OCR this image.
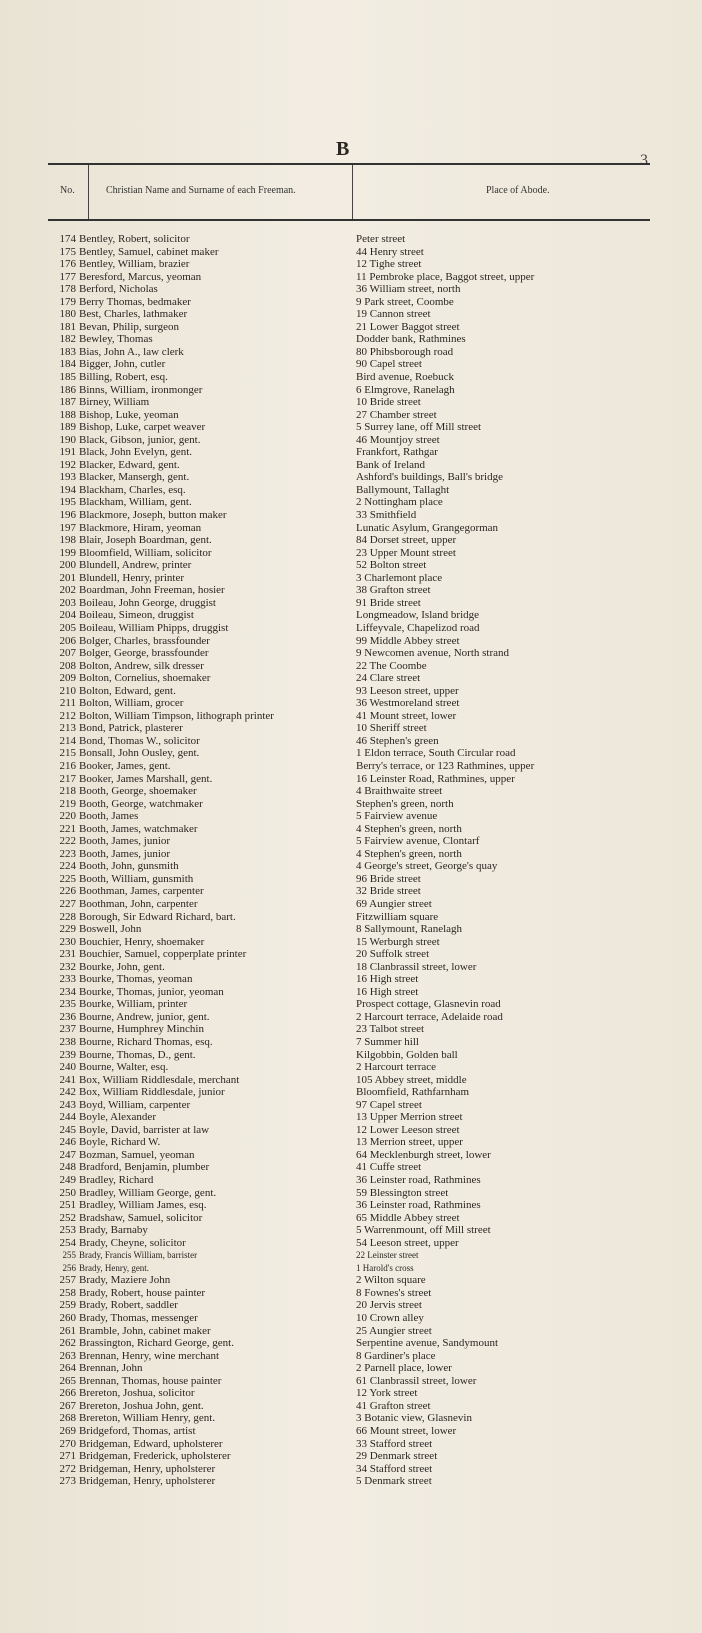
B
3
No.	Christian Name and Surname of each Freeman.	Place of Abode.
174 Bentley, Robert, solicitor	Peter street
175 Bentley, Samuel, cabinet maker	44 Henry street
176 Bentley, William, brazier	12 Tighe street
177 Beresford, Marcus, yeoman	11 Pembroke place, Baggot street, upper
178 Berford, Nicholas	36 William street, north
179 Berry Thomas, bedmaker	9 Park street, Coombe
180 Best, Charles, lathmaker	19 Cannon street
181 Bevan, Philip, surgeon	21 Lower Baggot street
182 Bewley, Thomas	Dodder bank, Rathmines
183 Bias, John A., law clerk	80 Phibsborough road
184 Bigger, John, cutler	90 Capel street
185 Billing, Robert, esq.	Bird avenue, Roebuck
186 Binns, William, ironmonger	6 Elmgrove, Ranelagh
187 Birney, William	10 Bride street
188 Bishop, Luke, yeoman	27 Chamber street
189 Bishop, Luke, carpet weaver	5 Surrey lane, off Mill street
190 Black, Gibson, junior, gent.	46 Mountjoy street
191 Black, John Evelyn, gent.	Frankfort, Rathgar
192 Blacker, Edward, gent.	Bank of Ireland
193 Blacker, Mansergh, gent.	Ashford's buildings, Ball's bridge
194 Blackham, Charles, esq.	Ballymount, Tallaght
195 Blackham, William, gent.	2 Nottingham place
196 Blackmore, Joseph, button maker	33 Smithfield
197 Blackmore, Hiram, yeoman	Lunatic Asylum, Grangegorman
198 Blair, Joseph Boardman, gent.	84 Dorset street, upper
199 Bloomfield, William, solicitor	23 Upper Mount street
200 Blundell, Andrew, printer	52 Bolton street
201 Blundell, Henry, printer	3 Charlemont place
202 Boardman, John Freeman, hosier	38 Grafton street
203 Boileau, John George, druggist	91 Bride street
204 Boileau, Simeon, druggist	Longmeadow, Island bridge
205 Boileau, William Phipps, druggist	Liffeyvale, Chapelizod road
206 Bolger, Charles, brassfounder	99 Middle Abbey street
207 Bolger, George, brassfounder	9 Newcomen avenue, North strand
208 Bolton, Andrew, silk dresser	22 The Coombe
209 Bolton, Cornelius, shoemaker	24 Clare street
210 Bolton, Edward, gent.	93 Leeson street, upper
211 Bolton, William, grocer	36 Westmoreland street
212 Bolton, William Timpson, lithograph printer	41 Mount street, lower
213 Bond, Patrick, plasterer	10 Sheriff street
214 Bond, Thomas W., solicitor	46 Stephen's green
215 Bonsall, John Ousley, gent.	1 Eldon terrace, South Circular road
216 Booker, James, gent.	Berry's terrace, or 123 Rathmines, upper
217 Booker, James Marshall, gent.	16 Leinster Road, Rathmines, upper
218 Booth, George, shoemaker	4 Braithwaite street
219 Booth, George, watchmaker	Stephen's green, north
220 Booth, James	5 Fairview avenue
221 Booth, James, watchmaker	4 Stephen's green, north
222 Booth, James, junior	5 Fairview avenue, Clontarf
223 Booth, James, junior	4 Stephen's green, north
224 Booth, John, gunsmith	4 George's street, George's quay
225 Booth, William, gunsmith	96 Bride street
226 Boothman, James, carpenter	32 Bride street
227 Boothman, John, carpenter	69 Aungier street
228 Borough, Sir Edward Richard, bart.	Fitzwilliam square
229 Boswell, John	8 Sallymount, Ranelagh
230 Bouchier, Henry, shoemaker	15 Werburgh street
231 Bouchier, Samuel, copperplate printer	20 Suffolk street
232 Bourke, John, gent.	18 Clanbrassil street, lower
233 Bourke, Thomas, yeoman	16 High street
234 Bourke, Thomas, junior, yeoman	16 High street
235 Bourke, William, printer	Prospect cottage, Glasnevin road
236 Bourne, Andrew, junior, gent.	2 Harcourt terrace, Adelaide road
237 Bourne, Humphrey Minchin	23 Talbot street
238 Bourne, Richard Thomas, esq.	7 Summer hill
239 Bourne, Thomas, D., gent.	Kilgobbin, Golden ball
240 Bourne, Walter, esq.	2 Harcourt terrace
241 Box, William Riddlesdale, merchant	105 Abbey street, middle
242 Box, William Riddlesdale, junior	Bloomfield, Rathfarnham
243 Boyd, William, carpenter	97 Capel street
244 Boyle, Alexander	13 Upper Merrion street
245 Boyle, David, barrister at law	12 Lower Leeson street
246 Boyle, Richard W.	13 Merrion street, upper
247 Bozman, Samuel, yeoman	64 Mecklenburgh street, lower
248 Bradford, Benjamin, plumber	41 Cuffe street
249 Bradley, Richard	36 Leinster road, Rathmines
250 Bradley, William George, gent.	59 Blessington street
251 Bradley, William James, esq.	36 Leinster road, Rathmines
252 Bradshaw, Samuel, solicitor	65 Middle Abbey street
253 Brady, Barnaby	5 Warrenmount, off Mill street
254 Brady, Cheyne, solicitor	54 Leeson street, upper
255 Brady, Francis William, barrister	22 Leinster street
256 Brady, Henry, gent.	1 Harold's cross
257 Brady, Maziere John	2 Wilton square
258 Brady, Robert, house painter	8 Fownes's street
259 Brady, Robert, saddler	20 Jervis street
260 Brady, Thomas, messenger	10 Crown alley
261 Bramble, John, cabinet maker	25 Aungier street
262 Brassington, Richard George, gent.	Serpentine avenue, Sandymount
263 Brennan, Henry, wine merchant	8 Gardiner's place
264 Brennan, John	2 Parnell place, lower
265 Brennan, Thomas, house painter	61 Clanbrassil street, lower
266 Brereton, Joshua, solicitor	12 York street
267 Brereton, Joshua John, gent.	41 Grafton street
268 Brereton, William Henry, gent.	3 Botanic view, Glasnevin
269 Bridgeford, Thomas, artist	66 Mount street, lower
270 Bridgeman, Edward, upholsterer	33 Stafford street
271 Bridgeman, Frederick, upholsterer	29 Denmark street
272 Bridgeman, Henry, upholsterer	34 Stafford street
273 Bridgeman, Henry, upholsterer	5 Denmark street
